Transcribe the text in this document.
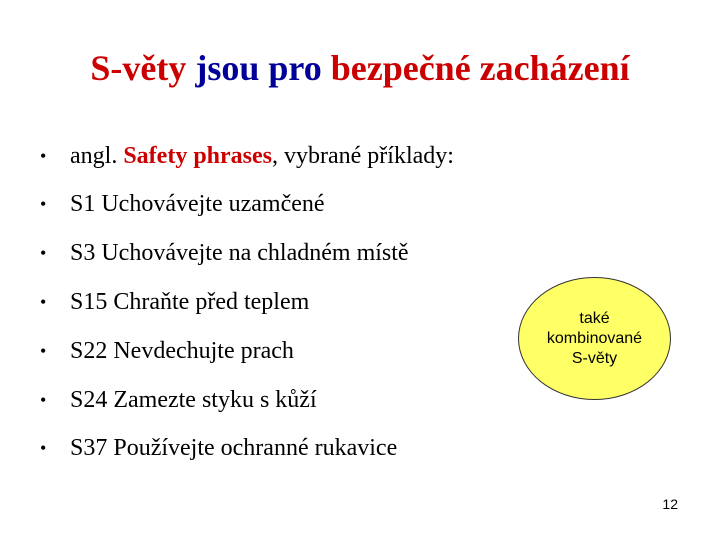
S-věty jsou pro bezpečné zacházení
• angl. Safety phrases, vybrané příklady:
• S1 Uchovávejte uzamčené
• S3 Uchovávejte na chladném místě
• S15 Chraňte před teplem
• S22 Nevdechujte prach
• S24 Zamezte styku s kůží
• S37 Používejte ochranné rukavice
také
kombinované
S-věty
12
